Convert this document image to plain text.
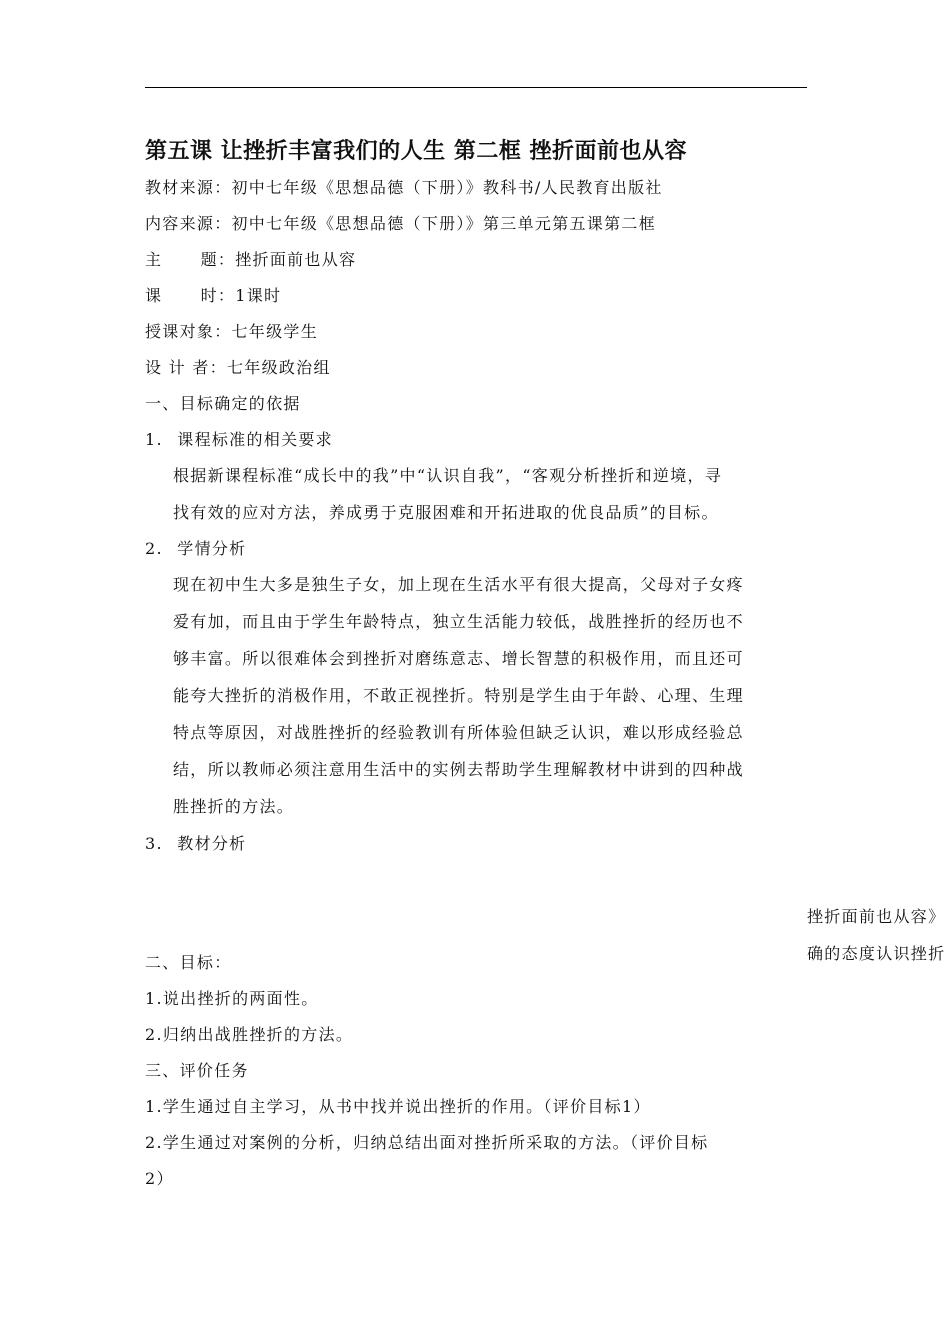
第五课 让挫折丰富我们的人生 第二框 挫折面前也从容
教材来源：初中七年级《思想品德（下册）》教科书/人民教育出版社
内容来源：初中七年级《思想品德（下册）》第三单元第五课第二框
主      题：挫折面前也从容
课      时：1课时
授课对象：七年级学生
设 计 者：七年级政治组
一、目标确定的依据
1. 课程标准的相关要求
根据新课程标准“成长中的我”中“认识自我”，“客观分析挫折和逆境，寻
找有效的应对方法，养成勇于克服困难和开拓进取的优良品质”的目标。
2. 学情分析
现在初中生大多是独生子女，加上现在生活水平有很大提高，父母对子女疼
爱有加，而且由于学生年龄特点，独立生活能力较低，战胜挫折的经历也不
够丰富。所以很难体会到挫折对磨练意志、增长智慧的积极作用，而且还可
能夸大挫折的消极作用，不敢正视挫折。特别是学生由于年龄、心理、生理
特点等原因，对战胜挫折的经验教训有所体验但缺乏认识，难以形成经验总
结，所以教师必须注意用生活中的实例去帮助学生理解教材中讲到的四种战
胜挫折的方法。
3. 教材分析
挫折面前也从容》
确的态度认识挫折
二、目标：
1.说出挫折的两面性。
2.归纳出战胜挫折的方法。
三、评价任务
1.学生通过自主学习，从书中找并说出挫折的作用。（评价目标1）
2.学生通过对案例的分析，归纳总结出面对挫折所采取的方法。（评价目标
2）
